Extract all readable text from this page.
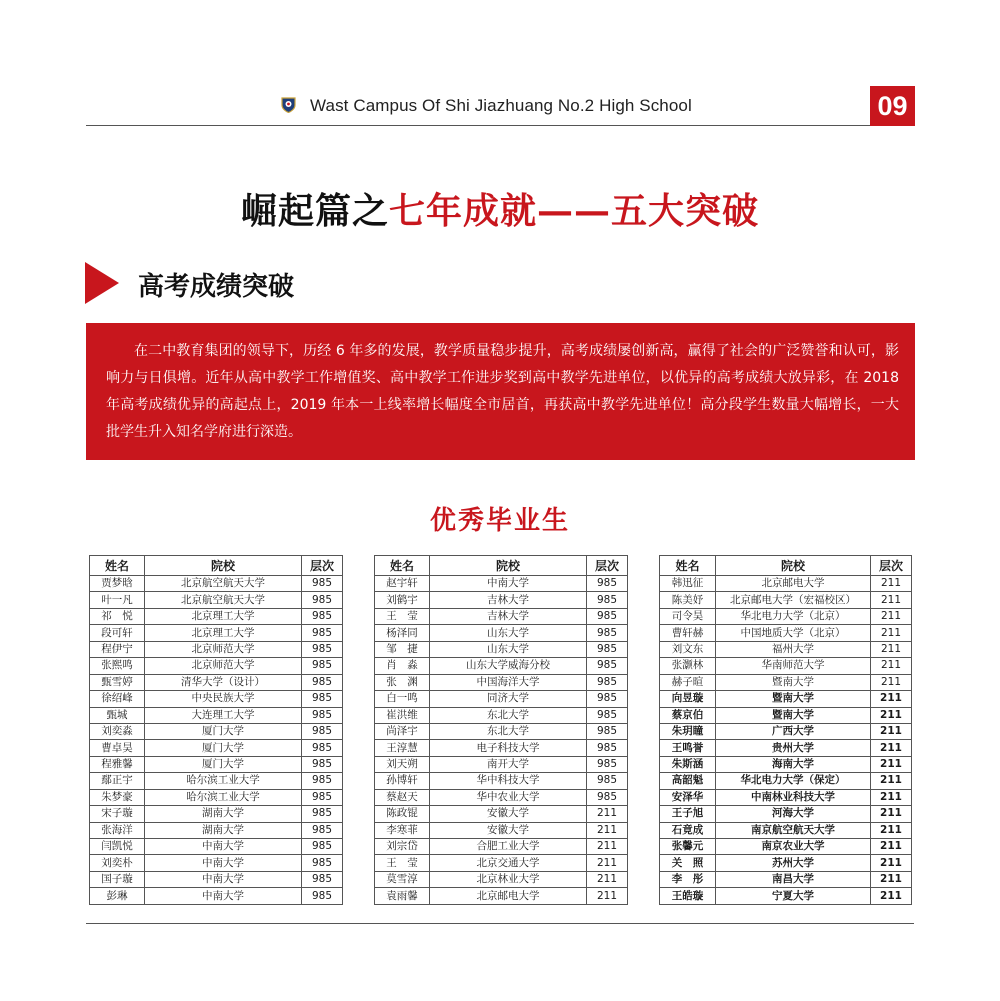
Wast Campus Of Shi Jiazhuang No.2 High School	09
崛起篇之七年成就——五大突破
高考成绩突破

在二中教育集团的领导下，历经 6 年多的发展，教学质量稳步提升，高考成绩屡创新高，赢得了社会的广泛赞誉和认可，影响力与日俱增。近年从高中教学工作增值奖、高中教学工作进步奖到高中教学先进单位，以优异的高考成绩大放异彩，在 2018 年高考成绩优异的高起点上，2019 年本一上线率增长幅度全市居首，再获高中教学先进单位！高分段学生数量大幅增长，一大批学生升入知名学府进行深造。

优秀毕业生
姓名	院校	层次
贾梦晗	北京航空航天大学	985
叶一凡	北京航空航天大学	985
祁　悦	北京理工大学	985
段可轩	北京理工大学	985
程伊宁	北京师范大学	985
张熙鸣	北京师范大学	985
甄雪婷	清华大学（设计）	985
徐绍峰	中央民族大学	985
甄城	大连理工大学	985
刘奕淼	厦门大学	985
曹卓昊	厦门大学	985
程雅馨	厦门大学	985
鄢正宇	哈尔滨工业大学	985
朱梦豪	哈尔滨工业大学	985
宋子璇	湖南大学	985
张海洋	湖南大学	985
闫凯悦	中南大学	985
刘奕朴	中南大学	985
国子璇	中南大学	985
彭琳	中南大学	985
姓名	院校	层次
赵宇轩	中南大学	985
刘鹤宇	吉林大学	985
王　莹	吉林大学	985
杨泽同	山东大学	985
邹　捷	山东大学	985
肖　淼	山东大学威海分校	985
张　渊	中国海洋大学	985
白一鸣	同济大学	985
崔洪维	东北大学	985
尚泽宇	东北大学	985
王淳慧	电子科技大学	985
刘天朔	南开大学	985
孙博轩	华中科技大学	985
蔡赵天	华中农业大学	985
陈政锟	安徽大学	211
李寒菲	安徽大学	211
刘宗岱	合肥工业大学	211
王　莹	北京交通大学	211
莫雪淳	北京林业大学	211
袁雨馨	北京邮电大学	211
姓名	院校	层次
韩迅征	北京邮电大学	211
陈美妤	北京邮电大学（宏福校区）	211
司令昊	华北电力大学（北京）	211
曹轩赫	中国地质大学（北京）	211
刘文东	福州大学	211
张灏林	华南师范大学	211
赫子暄	暨南大学	211
向昱璇	暨南大学	211
蔡京伯	暨南大学	211
朱玥瞳	广西大学	211
王鸣誉	贵州大学	211
朱斯涵	海南大学	211
高韶魁	华北电力大学（保定）	211
安泽华	中南林业科技大学	211
王子旭	河海大学	211
石竟成	南京航空航天大学	211
张馨元	南京农业大学	211
关　照	苏州大学	211
李　彤	南昌大学	211
王皓璇	宁夏大学	211
